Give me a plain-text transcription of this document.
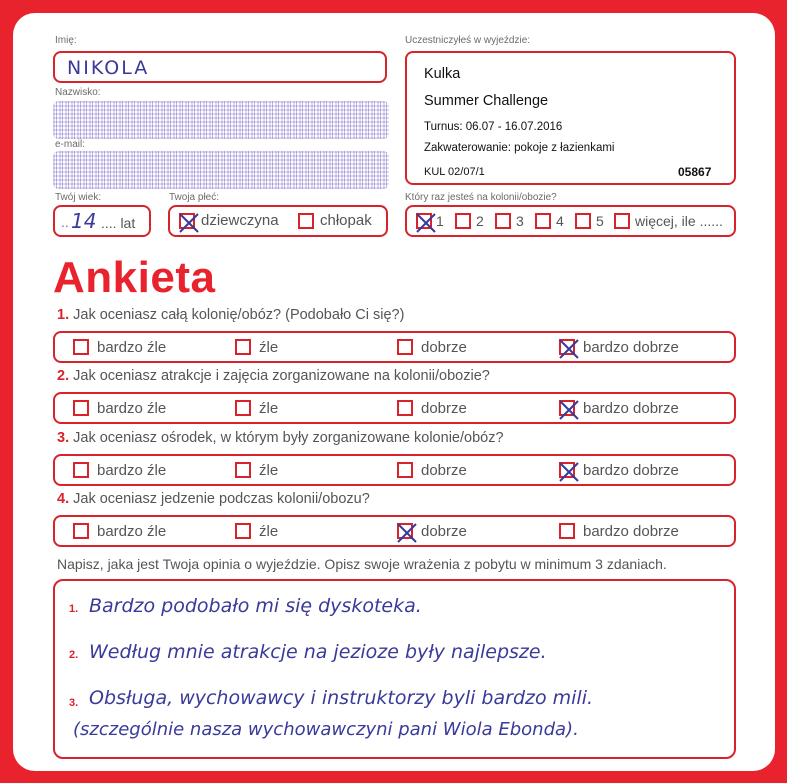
Imię:
NIKOLA
Nazwisko:
e-mail:
Twój wiek:
.. 14 .... lat
Twoja płeć:
dziewczyna	chłopak
Uczestniczyłeś w wyjeździe:
Kulka
Summer Challenge
Turnus: 06.07 - 16.07.2016
Zakwaterowanie: pokoje z łazienkami
KUL 02/07/1	05867
Który raz jesteś na kolonii/obozie?
1 2 3 4 5 więcej, ile ......
Ankieta
1. Jak oceniasz całą kolonię/obóz? (Podobało Ci się?)
bardzo źle	źle	dobrze	bardzo dobrze
2. Jak oceniasz atrakcje i zajęcia zorganizowane na kolonii/obozie?
bardzo źle	źle	dobrze	bardzo dobrze
3. Jak oceniasz ośrodek, w którym były zorganizowane kolonie/obóz?
bardzo źle	źle	dobrze	bardzo dobrze
4. Jak oceniasz jedzenie podczas kolonii/obozu?
bardzo źle	źle	dobrze	bardzo dobrze
Napisz, jaka jest Twoja opinia o wyjeździe. Opisz swoje wrażenia z pobytu w minimum 3 zdaniach.
1. Bardzo podobało mi się dyskoteka.
2. Według mnie atrakcje na jezioze były najlepsze.
3. Obsługa, wychowawcy i instruktorzy byli bardzo mili.
(szczególnie nasza wychowawczyni pani Wiola Ebonda).
